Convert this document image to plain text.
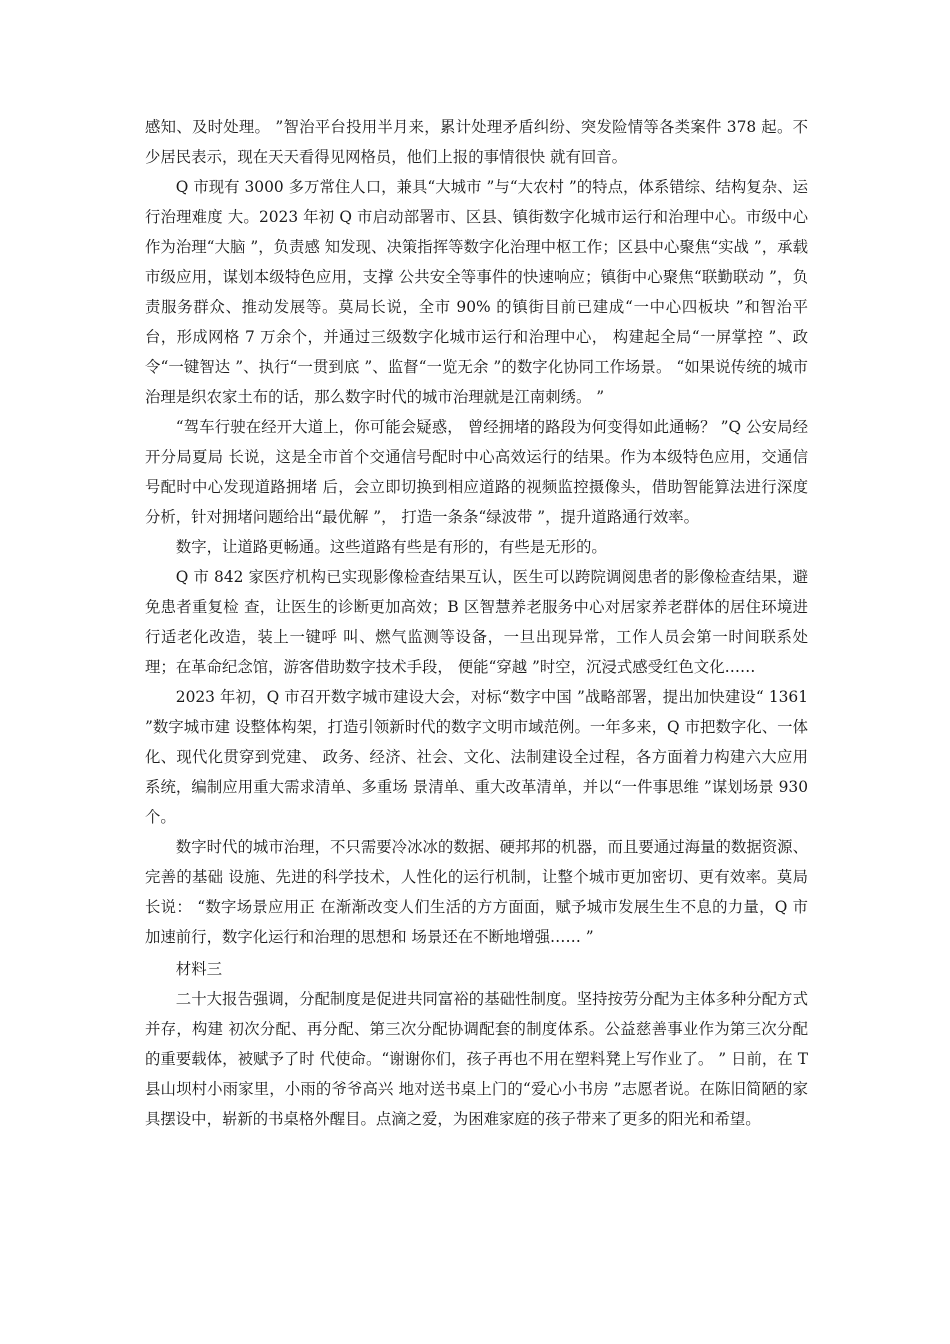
感知、及时处理。 ”智治平台投用半月来，累计处理矛盾纠纷、突发险情等各类案件 378 起。不少居民表示，现在天天看得见网格员，他们上报的事情很快 就有回音。

Q 市现有 3000 多万常住人口，兼具“大城市 ”与“大农村 ”的特点，体系错综、结构复杂、运行治理难度 大。2023 年初 Q 市启动部署市、区县、镇街数字化城市运行和治理中心。市级中心作为治理“大脑 ”，负责感 知发现、决策指挥等数字化治理中枢工作；区县中心聚焦“实战 ”，承载市级应用，谋划本级特色应用，支撑 公共安全等事件的快速响应；镇街中心聚焦“联勤联动 ”，负责服务群众、推动发展等。莫局长说，全市 90% 的镇街目前已建成“一中心四板块 ”和智治平台，形成网格 7 万余个，并通过三级数字化城市运行和治理中心， 构建起全局“一屏掌控 ”、政令“一键智达 ”、执行“一贯到底 ”、监督“一览无余 ”的数字化协同工作场景。 “如果说传统的城市治理是织农家土布的话，那么数字时代的城市治理就是江南刺绣。 ”

“驾车行驶在经开大道上，你可能会疑惑， 曾经拥堵的路段为何变得如此通畅？ ”Q 公安局经开分局夏局 长说，这是全市首个交通信号配时中心高效运行的结果。作为本级特色应用，交通信号配时中心发现道路拥堵 后，会立即切换到相应道路的视频监控摄像头，借助智能算法进行深度分析，针对拥堵问题给出“最优解 ”， 打造一条条“绿波带 ”，提升道路通行效率。

数字，让道路更畅通。这些道路有些是有形的，有些是无形的。

Q 市 842 家医疗机构已实现影像检查结果互认，医生可以跨院调阅患者的影像检查结果，避免患者重复检 查，让医生的诊断更加高效；B 区智慧养老服务中心对居家养老群体的居住环境进行适老化改造，装上一键呼 叫、燃气监测等设备，一旦出现异常，工作人员会第一时间联系处理；在革命纪念馆，游客借助数字技术手段， 便能“穿越 ”时空，沉浸式感受红色文化……

2023 年初，Q 市召开数字城市建设大会，对标“数字中国 ”战略部署，提出加快建设“ 1361 ”数字城市建 设整体构架，打造引领新时代的数字文明市域范例。一年多来，Q 市把数字化、一体化、现代化贯穿到党建、 政务、经济、社会、文化、法制建设全过程，各方面着力构建六大应用系统，编制应用重大需求清单、多重场 景清单、重大改革清单，并以“一件事思维 ”谋划场景 930 个。

数字时代的城市治理，不只需要冷冰冰的数据、硬邦邦的机器，而且要通过海量的数据资源、完善的基础 设施、先进的科学技术，人性化的运行机制，让整个城市更加密切、更有效率。莫局长说： “数字场景应用正 在渐渐改变人们生活的方方面面，赋予城市发展生生不息的力量，Q 市加速前行，数字化运行和治理的思想和 场景还在不断地增强…… ”

材料三

二十大报告强调，分配制度是促进共同富裕的基础性制度。坚持按劳分配为主体多种分配方式并存，构建 初次分配、再分配、第三次分配协调配套的制度体系。公益慈善事业作为第三次分配的重要载体，被赋予了时 代使命。“谢谢你们，孩子再也不用在塑料凳上写作业了。 ” 日前，在 T 县山坝村小雨家里，小雨的爷爷高兴 地对送书桌上门的“爱心小书房 ”志愿者说。在陈旧简陋的家具摆设中，崭新的书桌格外醒目。点滴之爱，为困难家庭的孩子带来了更多的阳光和希望。
